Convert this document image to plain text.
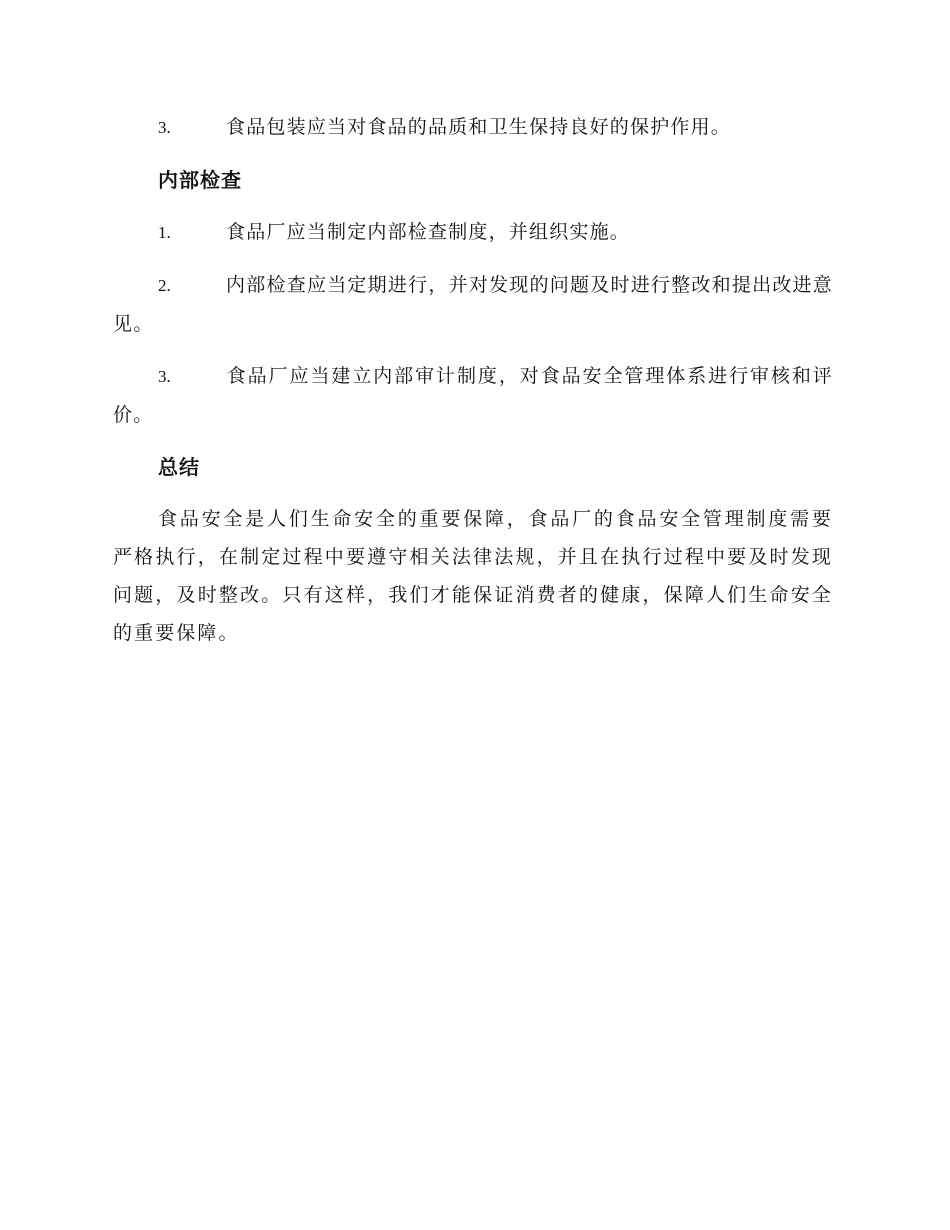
3.	食品包装应当对食品的品质和卫生保持良好的保护作用。

内部检查

1.	食品厂应当制定内部检查制度，并组织实施。

2.	内部检查应当定期进行，并对发现的问题及时进行整改和提出改进意见。

3.	食品厂应当建立内部审计制度，对食品安全管理体系进行审核和评价。

总结

食品安全是人们生命安全的重要保障，食品厂的食品安全管理制度需要严格执行，在制定过程中要遵守相关法律法规，并且在执行过程中要及时发现问题，及时整改。只有这样，我们才能保证消费者的健康，保障人们生命安全的重要保障。
